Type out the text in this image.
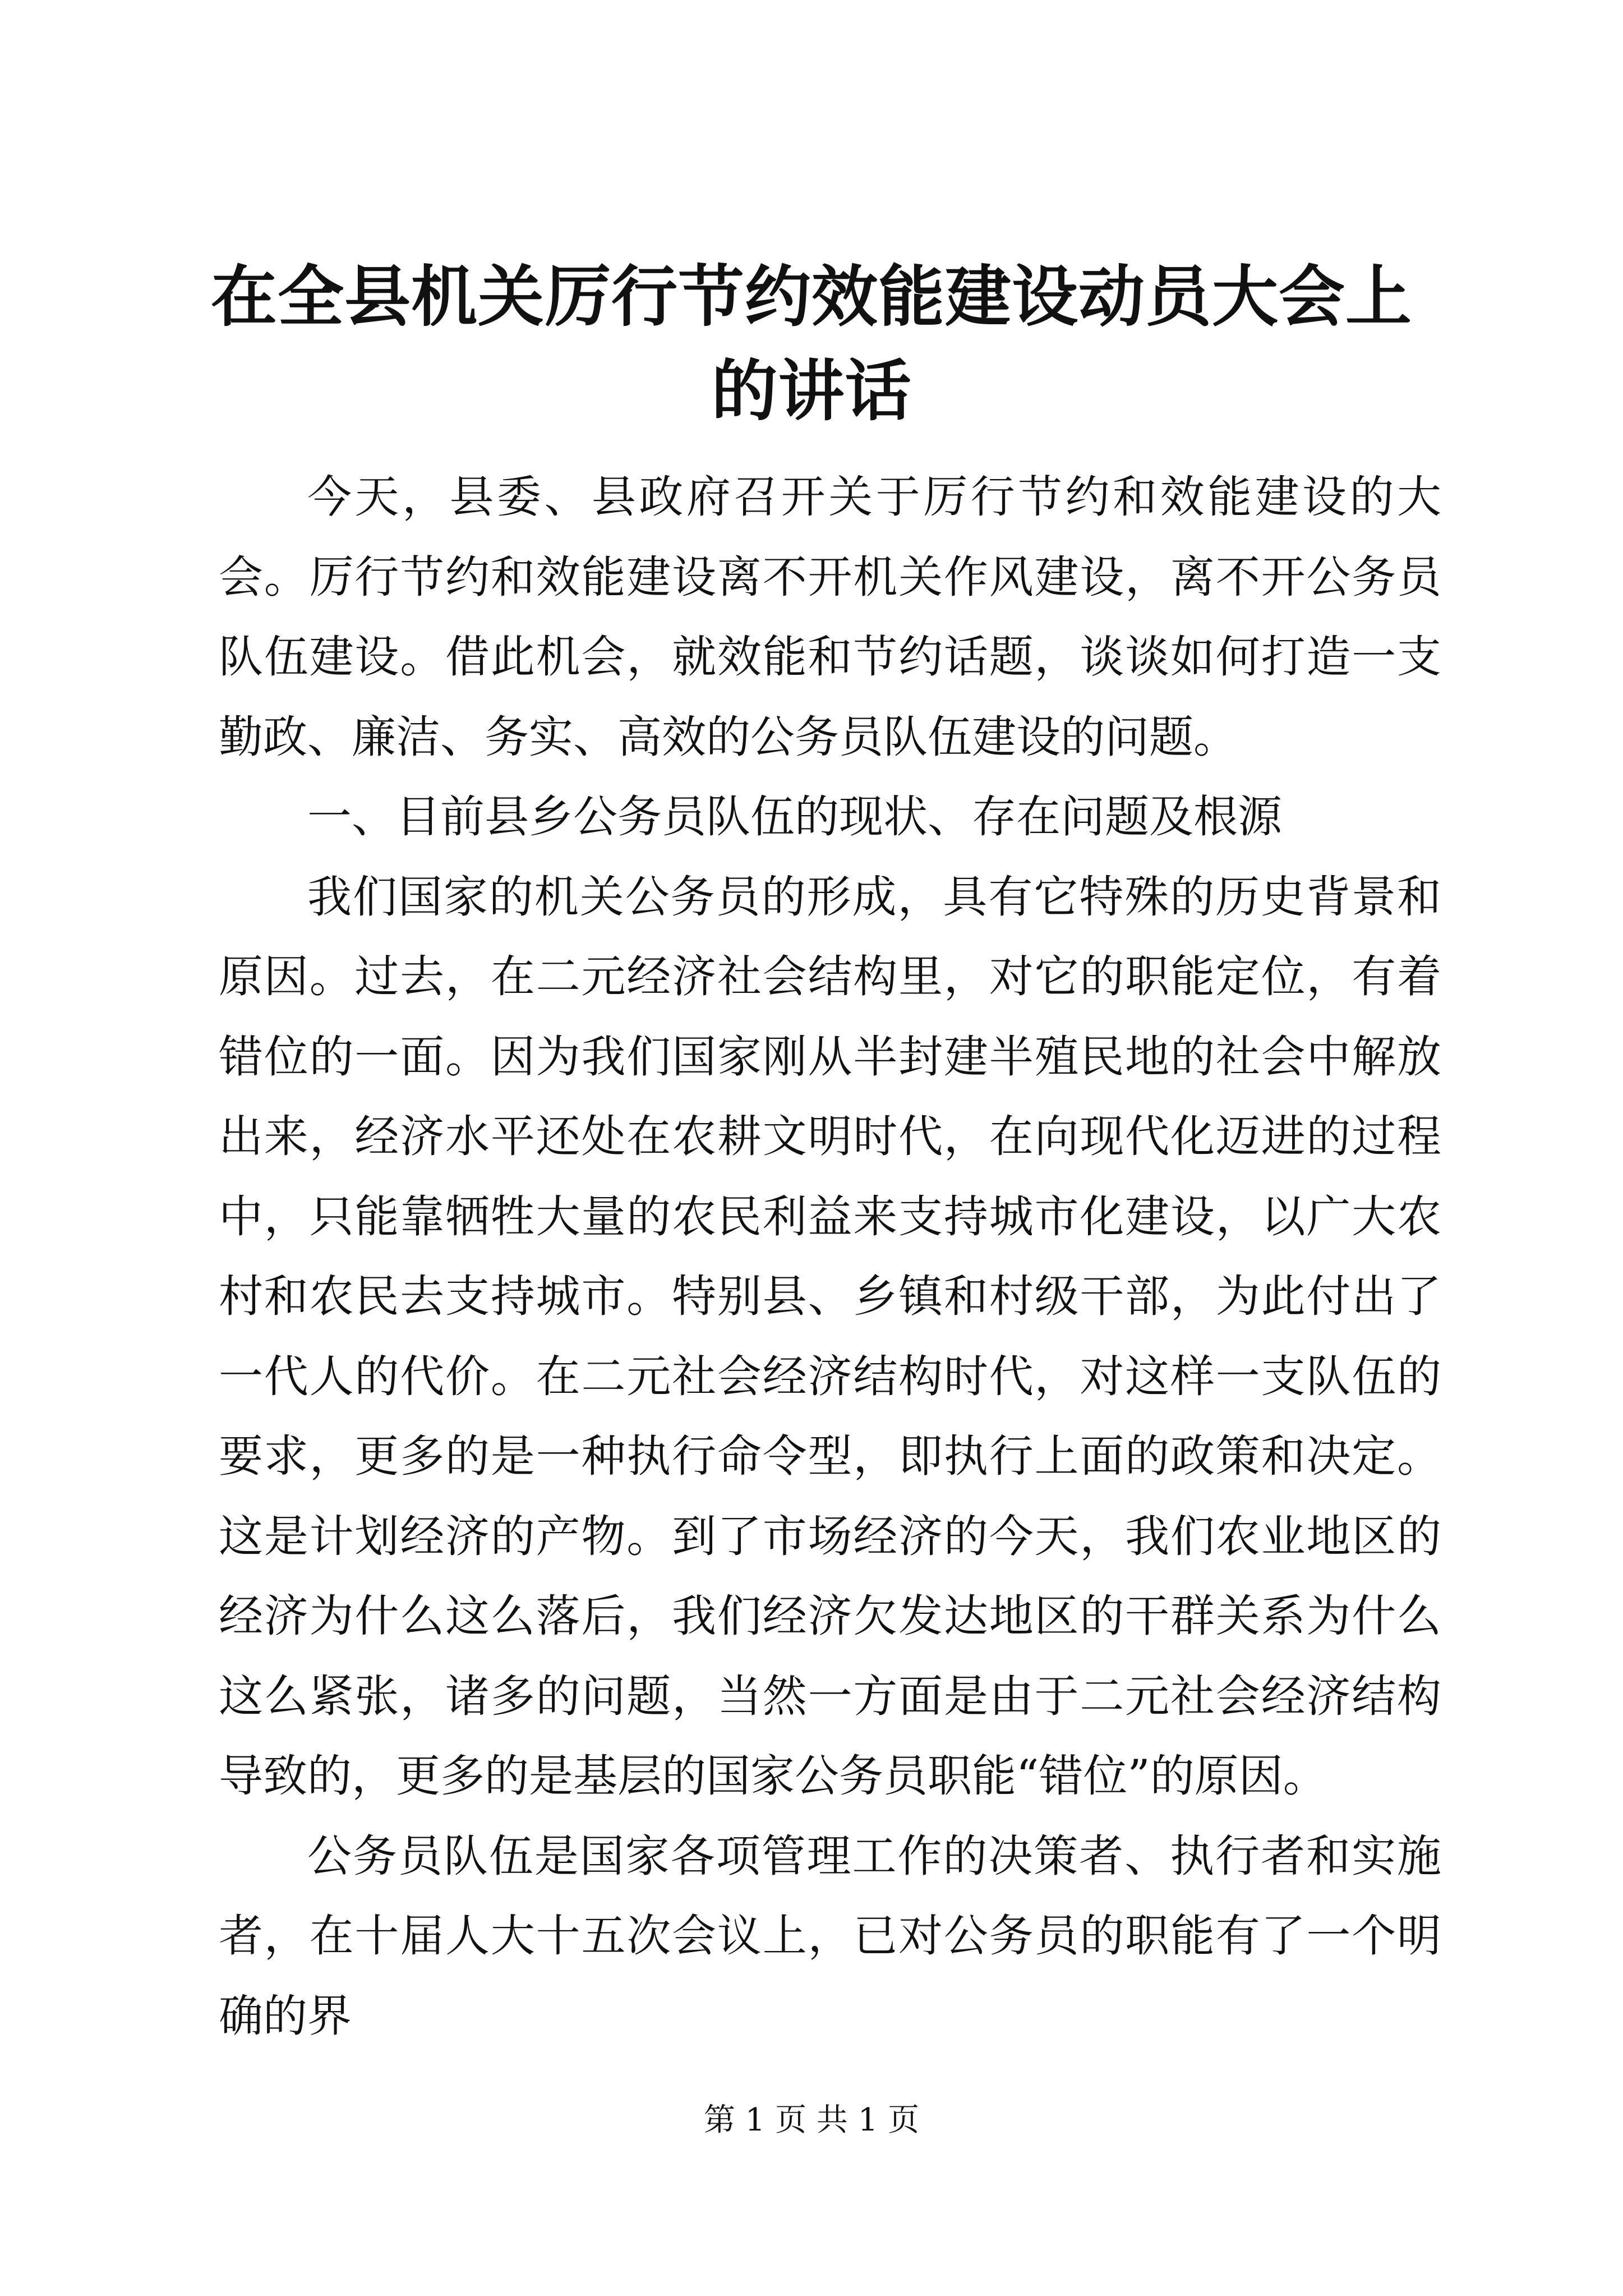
在全县机关厉行节约效能建设动员大会上的讲话

今天，县委、县政府召开关于厉行节约和效能建设的大会。厉行节约和效能建设离不开机关作风建设，离不开公务员队伍建设。借此机会，就效能和节约话题，谈谈如何打造一支勤政、廉洁、务实、高效的公务员队伍建设的问题。

一、目前县乡公务员队伍的现状、存在问题及根源

我们国家的机关公务员的形成，具有它特殊的历史背景和原因。过去，在二元经济社会结构里，对它的职能定位，有着错位的一面。因为我们国家刚从半封建半殖民地的社会中解放出来，经济水平还处在农耕文明时代，在向现代化迈进的过程中，只能靠牺牲大量的农民利益来支持城市化建设，以广大农村和农民去支持城市。特别县、乡镇和村级干部，为此付出了一代人的代价。在二元社会经济结构时代，对这样一支队伍的要求，更多的是一种执行命令型，即执行上面的政策和决定。这是计划经济的产物。到了市场经济的今天，我们农业地区的经济为什么这么落后，我们经济欠发达地区的干群关系为什么这么紧张，诸多的问题，当然一方面是由于二元社会经济结构导致的，更多的是基层的国家公务员职能“错位”的原因。

公务员队伍是国家各项管理工作的决策者、执行者和实施者，在十届人大十五次会议上，已对公务员的职能有了一个明确的界

第 1 页 共 1 页
